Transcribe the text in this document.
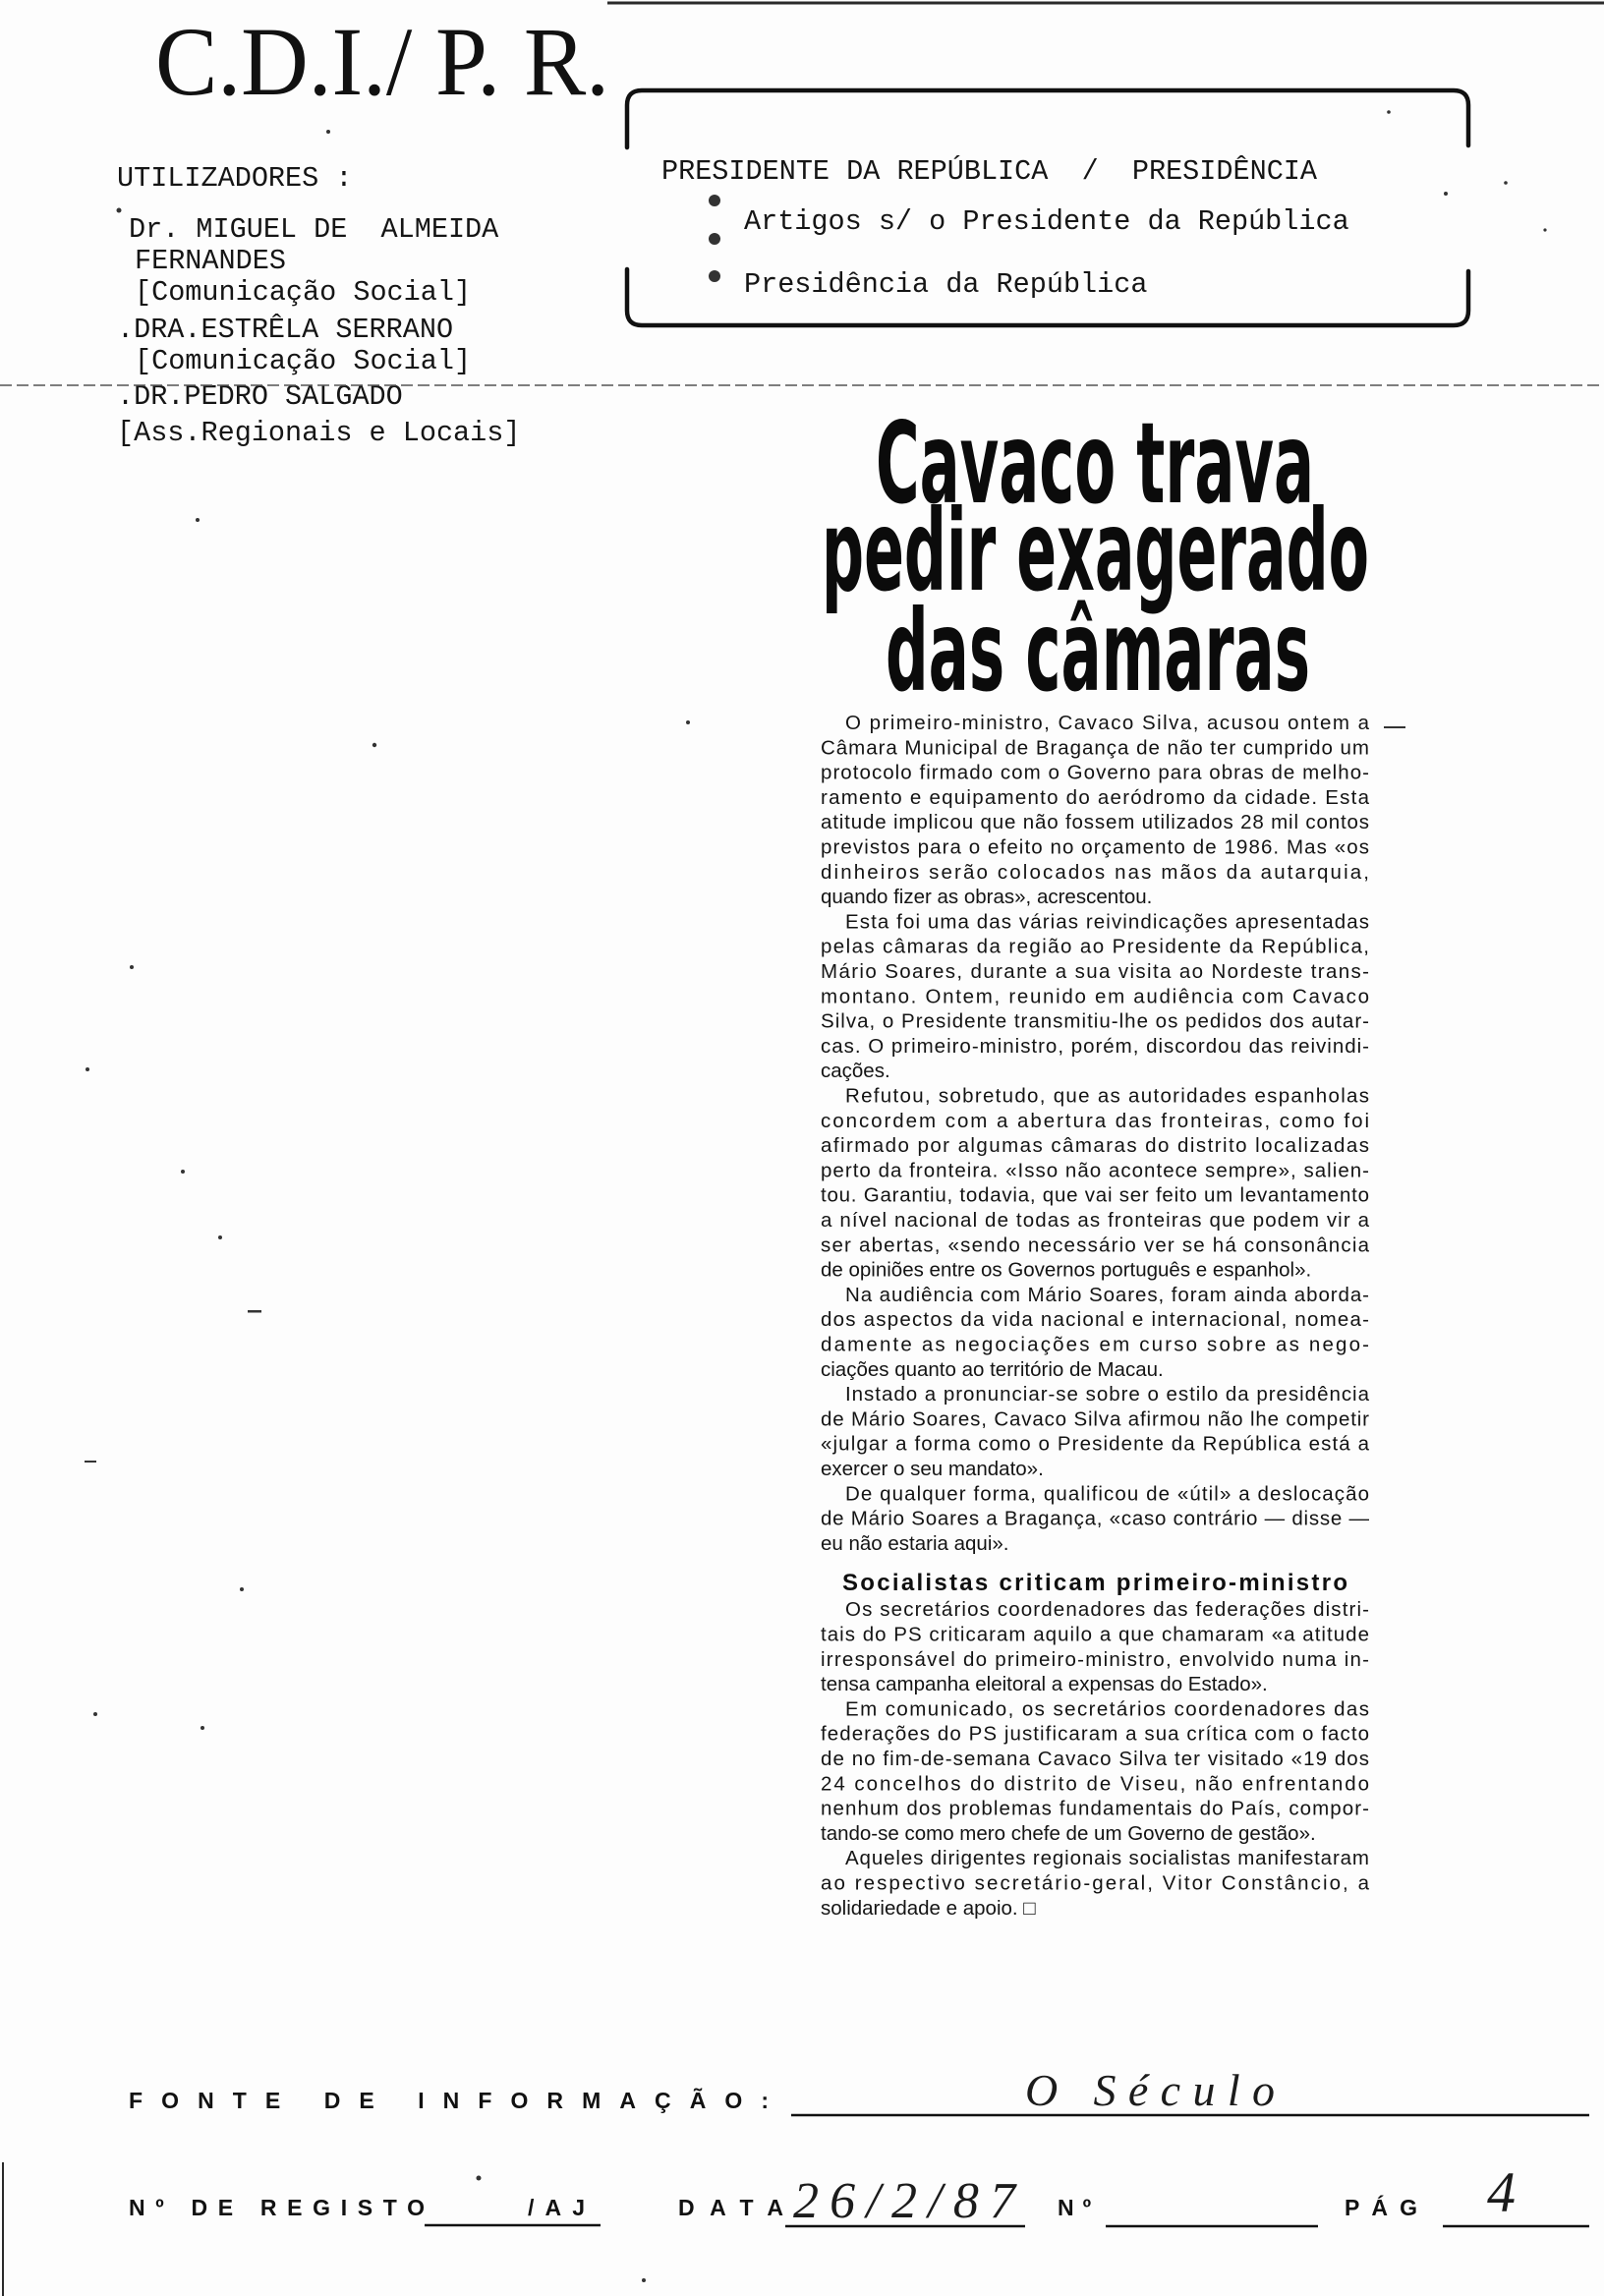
C.D.I./ P. R.
UTILIZADORES :
Dr. MIGUEL DE  ALMEIDA
FERNANDES
[Comunicação Social]
.DRA.ESTRÊLA SERRANO
[Comunicação Social]
.DR.PEDRO SALGADO
[Ass.Regionais e Locais]
PRESIDENTE DA REPÚBLICA  /  PRESIDÊNCIA
Artigos s/ o Presidente da República
Presidência da República
Cavaco trava
pedir exagerado
das câmaras
O primeiro-ministro, Cavaco Silva, acusou ontem a
Câmara Municipal de Bragança de não ter cumprido um
protocolo firmado com o Governo para obras de melho-
ramento e equipamento do aeródromo da cidade. Esta
atitude implicou que não fossem utilizados 28 mil contos
previstos para o efeito no orçamento de 1986. Mas «os
dinheiros serão colocados nas mãos da autarquia,
quando fizer as obras», acrescentou.
Esta foi uma das várias reivindicações apresentadas
pelas câmaras da região ao Presidente da República,
Mário Soares, durante a sua visita ao Nordeste trans-
montano. Ontem, reunido em audiência com Cavaco
Silva, o Presidente transmitiu-lhe os pedidos dos autar-
cas. O primeiro-ministro, porém, discordou das reivindi-
cações.
Refutou, sobretudo, que as autoridades espanholas
concordem com a abertura das fronteiras, como foi
afirmado por algumas câmaras do distrito localizadas
perto da fronteira. «Isso não acontece sempre», salien-
tou. Garantiu, todavia, que vai ser feito um levantamento
a nível nacional de todas as fronteiras que podem vir a
ser abertas, «sendo necessário ver se há consonância
de opiniões entre os Governos português e espanhol».
Na audiência com Mário Soares, foram ainda aborda-
dos aspectos da vida nacional e internacional, nomea-
damente as negociações em curso sobre as nego-
ciações quanto ao território de Macau.
Instado a pronunciar-se sobre o estilo da presidência
de Mário Soares, Cavaco Silva afirmou não lhe competir
«julgar a forma como o Presidente da República está a
exercer o seu mandato».
De qualquer forma, qualificou de «útil» a deslocação
de Mário Soares a Bragança, «caso contrário — disse —
eu não estaria aqui».
Socialistas criticam primeiro-ministro
Os secretários coordenadores das federações distri-
tais do PS criticaram aquilo a que chamaram «a atitude
irresponsável do primeiro-ministro, envolvido numa in-
tensa campanha eleitoral a expensas do Estado».
Em comunicado, os secretários coordenadores das
federações do PS justificaram a sua crítica com o facto
de no fim-de-semana Cavaco Silva ter visitado «19 dos
24 concelhos do distrito de Viseu, não enfrentando
nenhum dos problemas fundamentais do País, compor-
tando-se como mero chefe de um Governo de gestão».
Aqueles dirigentes regionais socialistas manifestaram
ao respectivo secretário-geral, Vitor Constâncio, a
solidariedade e apoio. □
FONTE DE INFORMAÇÃO:	O Século
Nº DE REGISTO	/AJ	DATA 26/2/87 Nº	PÁG 4
